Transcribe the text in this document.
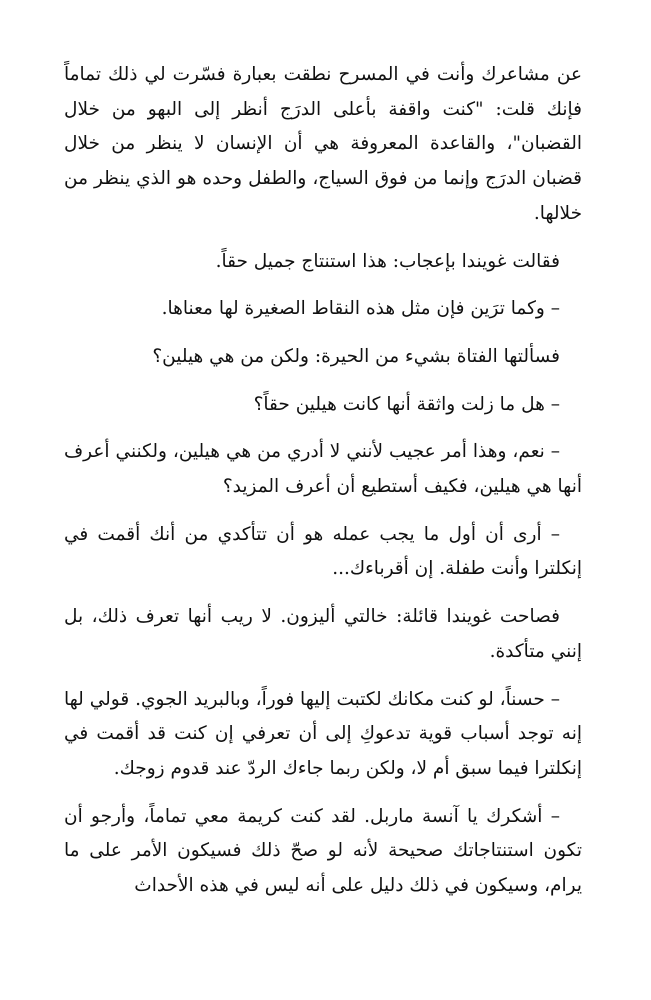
عن مشاعرك وأنت في المسرح نطقت بعبارة فسّرت لي ذلك تماماً فإنك قلت: "كنت واقفة بأعلى الدرَج أنظر إلى البهو من خلال القضبان"، والقاعدة المعروفة هي أن الإنسان لا ينظر من خلال قضبان الدرَج وإنما من فوق السياج، والطفل وحده هو الذي ينظر من خلالها.

فقالت غويندا بإعجاب: هذا استنتاج جميل حقاً.

– وكما ترَين فإن مثل هذه النقاط الصغيرة لها معناها.

فسألتها الفتاة بشيء من الحيرة: ولكن من هي هيلين؟

– هل ما زلت واثقة أنها كانت هيلين حقاً؟

– نعم، وهذا أمر عجيب لأنني لا أدري من هي هيلين، ولكنني أعرف أنها هي هيلين، فكيف أستطيع أن أعرف المزيد؟

– أرى أن أول ما يجب عمله هو أن تتأكدي من أنك أقمت في إنكلترا وأنت طفلة. إن أقرباءك...

فصاحت غويندا قائلة: خالتي أليزون. لا ريب أنها تعرف ذلك، بل إنني متأكدة.

– حسناً، لو كنت مكانك لكتبت إليها فوراً، وبالبريد الجوي. قولي لها إنه توجد أسباب قوية تدعوكِ إلى أن تعرفي إن كنت قد أقمت في إنكلترا فيما سبق أم لا، ولكن ربما جاءك الردّ عند قدوم زوجك.

– أشكرك يا آنسة ماربل. لقد كنت كريمة معي تماماً، وأرجو أن تكون استنتاجاتك صحيحة لأنه لو صحّ ذلك فسيكون الأمر على ما يرام، وسيكون في ذلك دليل على أنه ليس في هذه الأحداث
